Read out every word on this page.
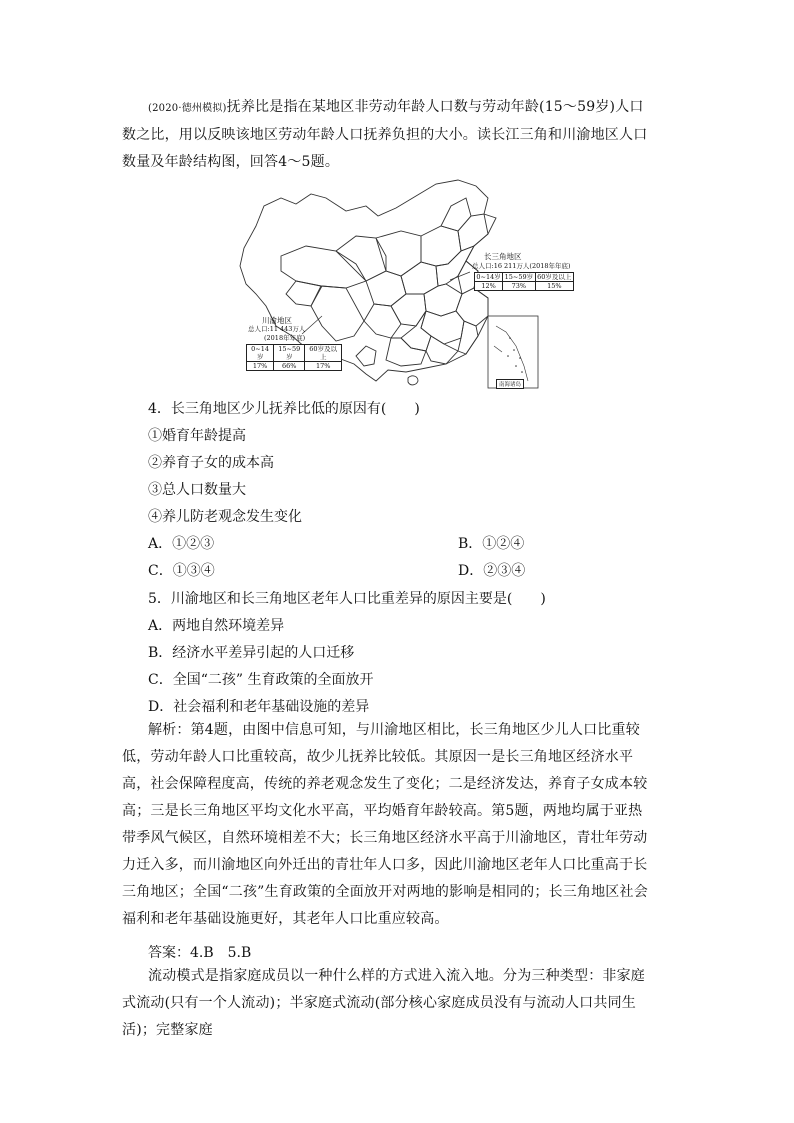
(2020·德州模拟)抚养比是指在某地区非劳动年龄人口数与劳动年龄(15～59岁)人口数之比，用以反映该地区劳动年龄人口抚养负担的大小。读长江三角和川渝地区人口数量及年龄结构图，回答4～5题。
长三角地区
总人口:16 211万人(2018年年底)
0~14岁	15~59岁	60岁及以上
12%	73%	15%
川渝地区
总人口:11 443万人
(2018年年底)
0~14岁	15~59岁	60岁及以上
17%	66%	17%
南海诸岛
4．长三角地区少儿抚养比低的原因有(　　)
①婚育年龄提高
②养育子女的成本高
③总人口数量大
④养儿防老观念发生变化
A．①②③	B．①②④
C．①③④	D．②③④
5．川渝地区和长三角地区老年人口比重差异的原因主要是(　　)
A．两地自然环境差异
B．经济水平差异引起的人口迁移
C．全国“二孩” 生育政策的全面放开
D．社会福利和老年基础设施的差异
解析：第4题，由图中信息可知，与川渝地区相比，长三角地区少儿人口比重较低，劳动年龄人口比重较高，故少儿抚养比较低。其原因一是长三角地区经济水平高，社会保障程度高，传统的养老观念发生了变化；二是经济发达，养育子女成本较高；三是长三角地区平均文化水平高，平均婚育年龄较高。第5题，两地均属于亚热带季风气候区，自然环境相差不大；长三角地区经济水平高于川渝地区，青壮年劳动力迁入多，而川渝地区向外迁出的青壮年人口多，因此川渝地区老年人口比重高于长三角地区；全国“二孩”生育政策的全面放开对两地的影响是相同的；长三角地区社会福利和老年基础设施更好，其老年人口比重应较高。
答案：4.B　5.B
流动模式是指家庭成员以一种什么样的方式进入流入地。分为三种类型：非家庭式流动(只有一个人流动)；半家庭式流动(部分核心家庭成员没有与流动人口共同生活)；完整家庭
